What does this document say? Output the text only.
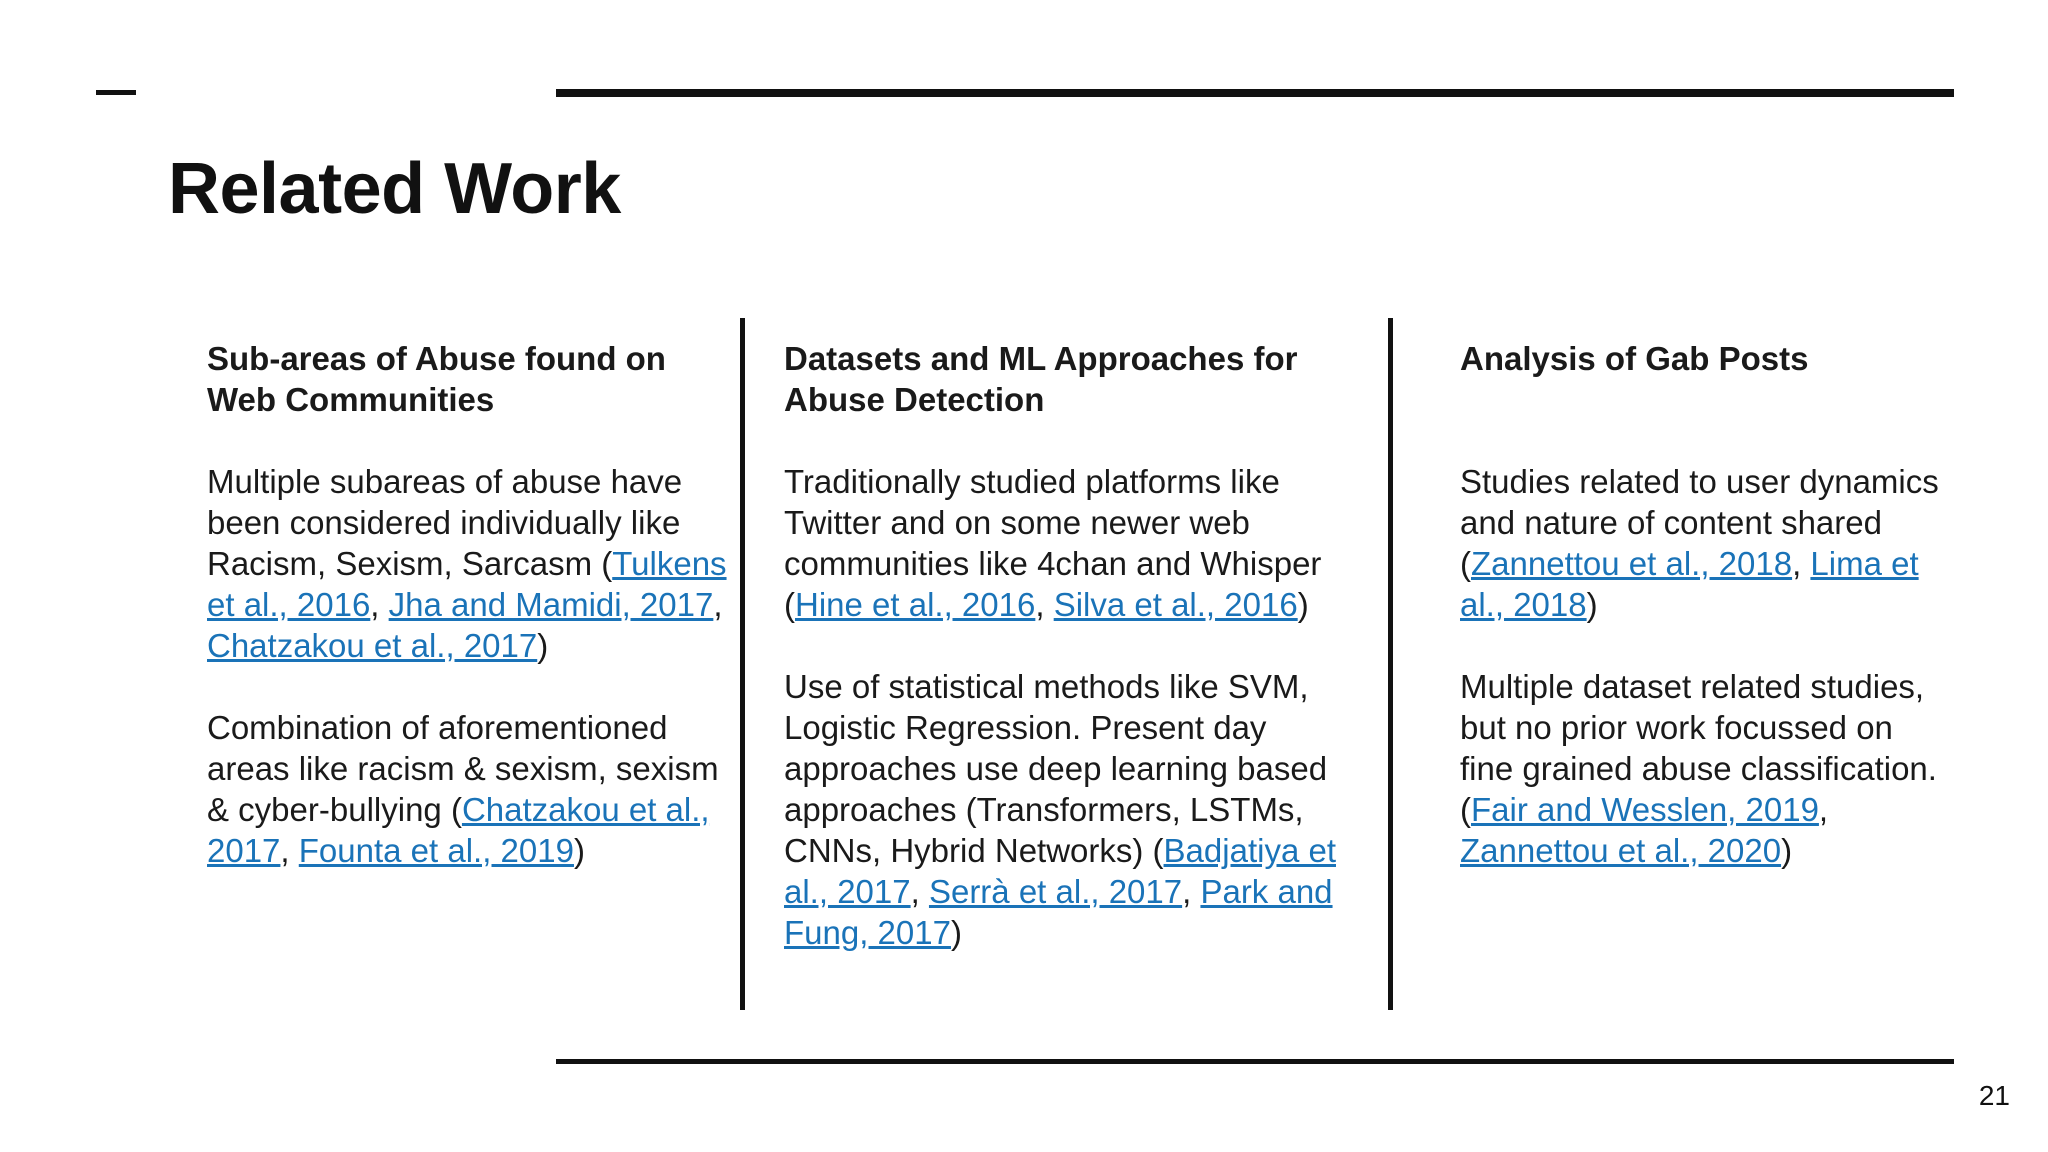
Related Work
Sub-areas of Abuse found on Web Communities

Multiple subareas of abuse have been considered individually like Racism, Sexism, Sarcasm (Tulkens et al., 2016, Jha and Mamidi, 2017, Chatzakou et al., 2017)

Combination of aforementioned areas like racism & sexism, sexism & cyber-bullying (Chatzakou et al., 2017, Founta et al., 2019)

Datasets and ML Approaches for Abuse Detection

Traditionally studied platforms like Twitter and on some newer web communities like 4chan and Whisper (Hine et al., 2016, Silva et al., 2016)

Use of statistical methods like SVM, Logistic Regression. Present day approaches use deep learning based approaches (Transformers, LSTMs, CNNs, Hybrid Networks) (Badjatiya et al., 2017, Serrà et al., 2017, Park and Fung, 2017)

Analysis of Gab Posts

Studies related to user dynamics and nature of content shared (Zannettou et al., 2018, Lima et al., 2018)

Multiple dataset related studies, but no prior work focussed on fine grained abuse classification. (Fair and Wesslen, 2019, Zannettou et al., 2020)

21
